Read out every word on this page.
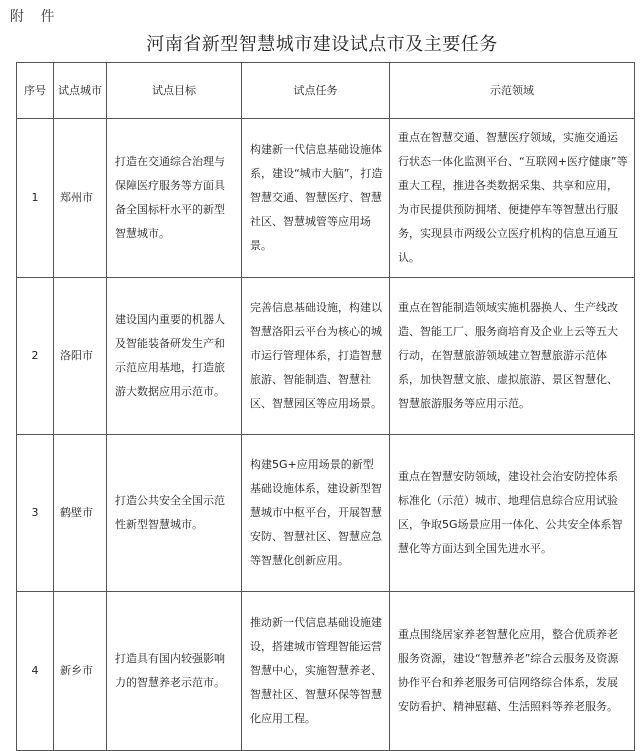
附 件
河南省新型智慧城市建设试点市及主要任务
序号	试点城市	试点目标	试点任务	示范领域
1	郑州市	打造在交通综合治理与保障医疗服务等方面具备全国标杆水平的新型智慧城市。	构建新一代信息基础设施体系，建设“城市大脑”，打造智慧交通、智慧医疗、智慧社区、智慧城管等应用场景。	重点在智慧交通、智慧医疗领域，实施交通运行状态一体化监测平台、“互联网+医疗健康”等重大工程，推进各类数据采集、共享和应用，为市民提供预防拥堵、便捷停车等智慧出行服务，实现县市两级公立医疗机构的信息互通互认。
2	洛阳市	建设国内重要的机器人及智能装备研发生产和示范应用基地，打造旅游大数据应用示范市。	完善信息基础设施，构建以智慧洛阳云平台为核心的城市运行管理体系，打造智慧旅游、智能制造、智慧社区、智慧园区等应用场景。	重点在智能制造领域实施机器换人、生产线改造、智能工厂、服务商培育及企业上云等五大行动，在智慧旅游领域建立智慧旅游示范体系，加快智慧文旅、虚拟旅游、景区智慧化、智慧旅游服务等应用示范。
3	鹤壁市	打造公共安全全国示范性新型智慧城市。	构建5G+应用场景的新型基础设施体系，建设新型智慧城市中枢平台，开展智慧安防、智慧社区、智慧应急等智慧化创新应用。	重点在智慧安防领域，建设社会治安防控体系标准化（示范）城市、地理信息综合应用试验区，争取5G场景应用一体化、公共安全体系智慧化等方面达到全国先进水平。
4	新乡市	打造具有国内较强影响力的智慧养老示范市。	推动新一代信息基础设施建设，搭建城市管理智能运营智慧中心，实施智慧养老、智慧社区、智慧环保等智慧化应用工程。	重点围绕居家养老智慧化应用，整合优质养老服务资源，建设“智慧养老”综合云服务及资源协作平台和养老服务可信网络综合体系，发展安防看护、精神慰藉、生活照料等养老服务。
